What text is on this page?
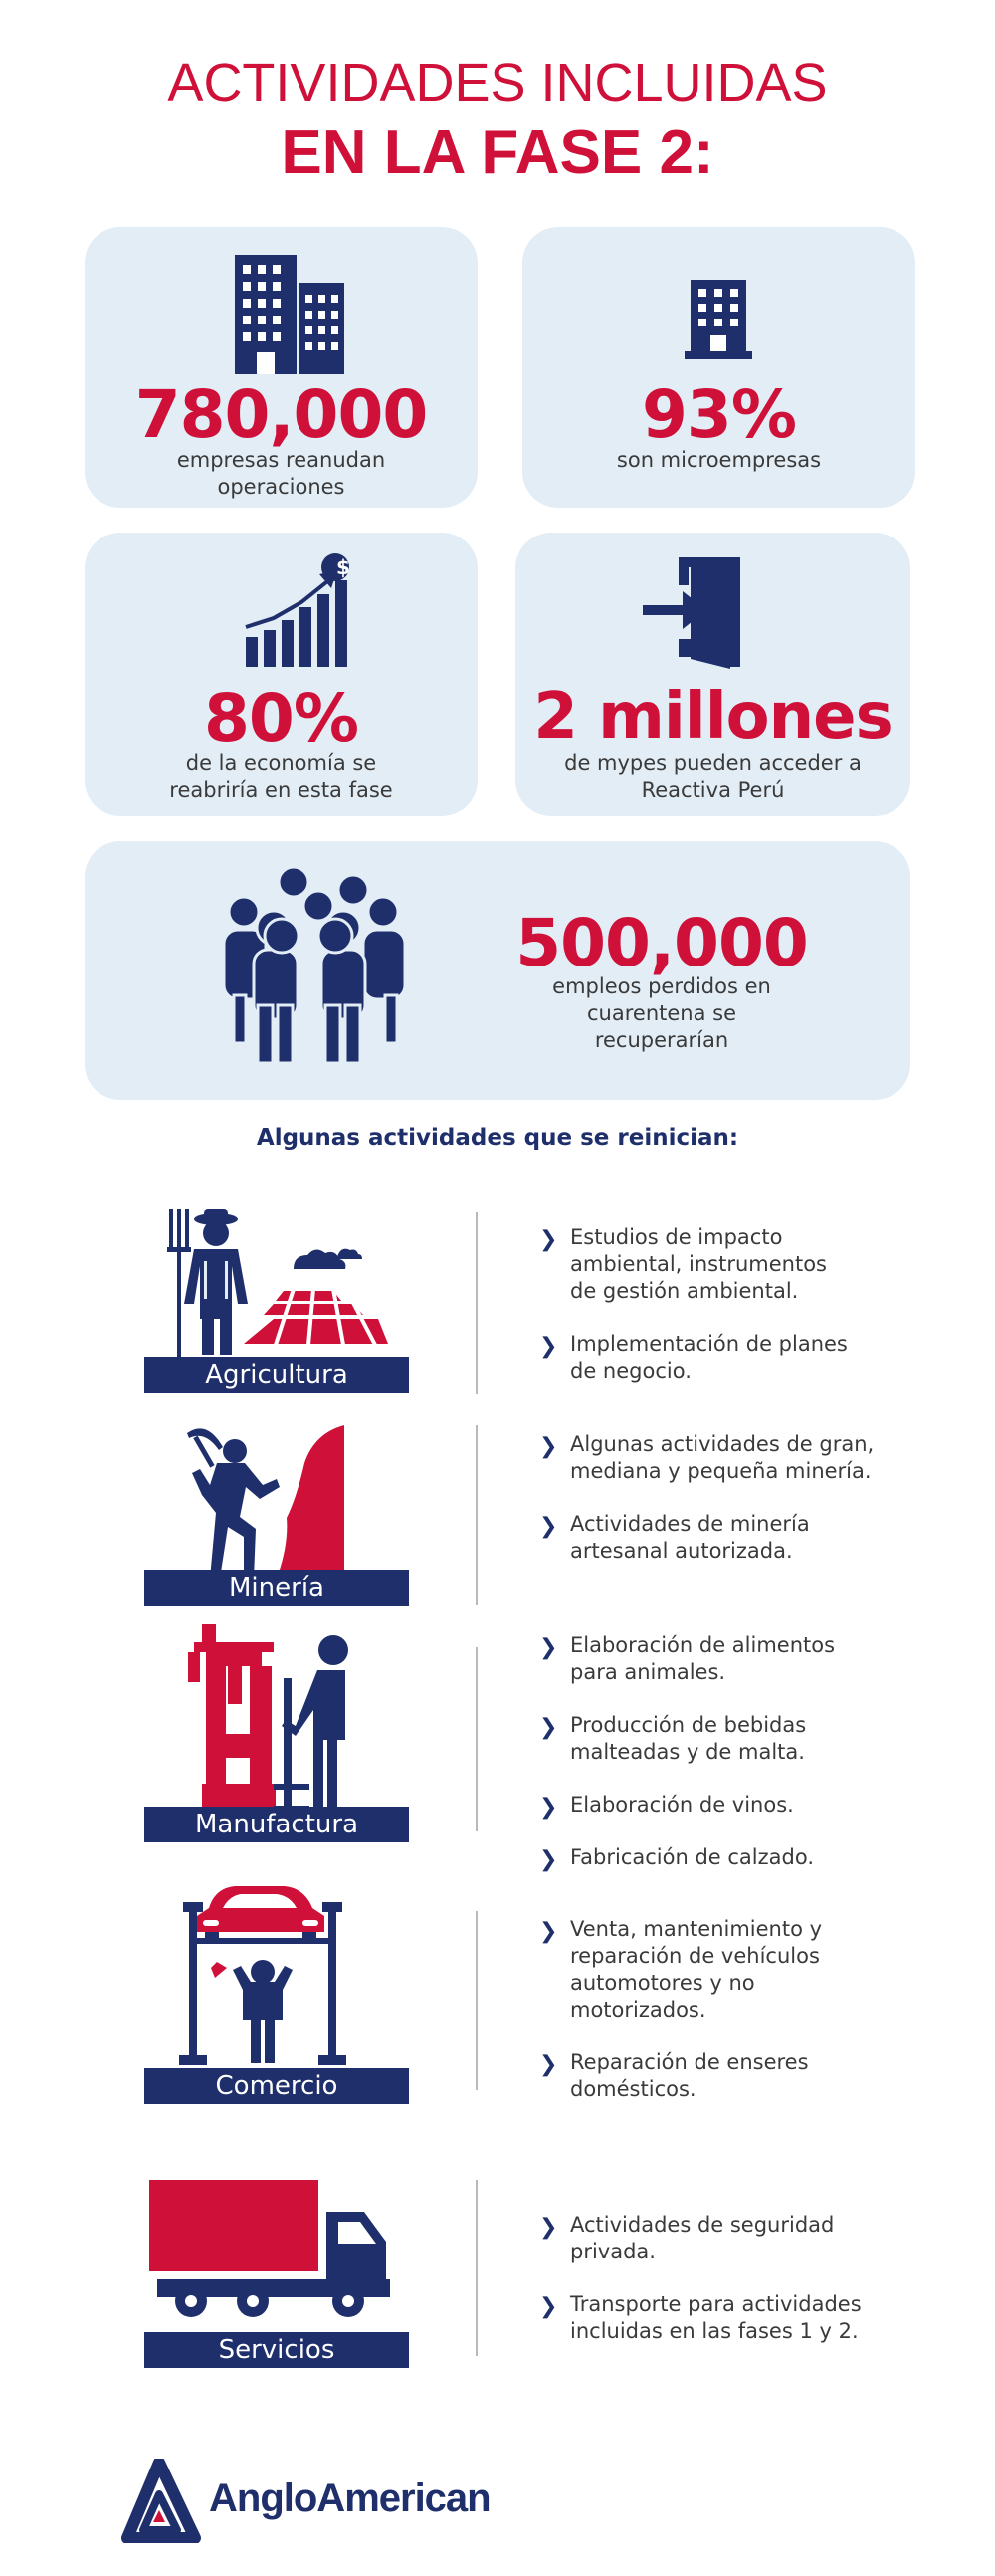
ACTIVIDADES INCLUIDAS
EN LA FASE 2:
780,000
empresas reanudan
operaciones
93%
son microempresas
$
80%
de la economía se
reabriría en esta fase
2 millones
de mypes pueden acceder a
Reactiva Perú
500,000
empleos perdidos en
cuarentena se
recuperarían
Algunas actividades que se reinician:
Agricultura
❯ Estudios de impacto
ambiental, instrumentos
de gestión ambiental.
❯ Implementación de planes
de negocio.
Minería
❯ Algunas actividades de gran,
mediana y pequeña minería.
❯ Actividades de minería
artesanal autorizada.
Manufactura
❯ Elaboración de alimentos
para animales.
❯ Producción de bebidas
malteadas y de malta.
❯ Elaboración de vinos.
❯ Fabricación de calzado.
Comercio
❯ Venta, mantenimiento y
reparación de vehículos
automotores y no
motorizados.
❯ Reparación de enseres
domésticos.
Servicios
❯ Actividades de seguridad
privada.
❯ Transporte para actividades
incluidas en las fases 1 y 2.
AngloAmerican
